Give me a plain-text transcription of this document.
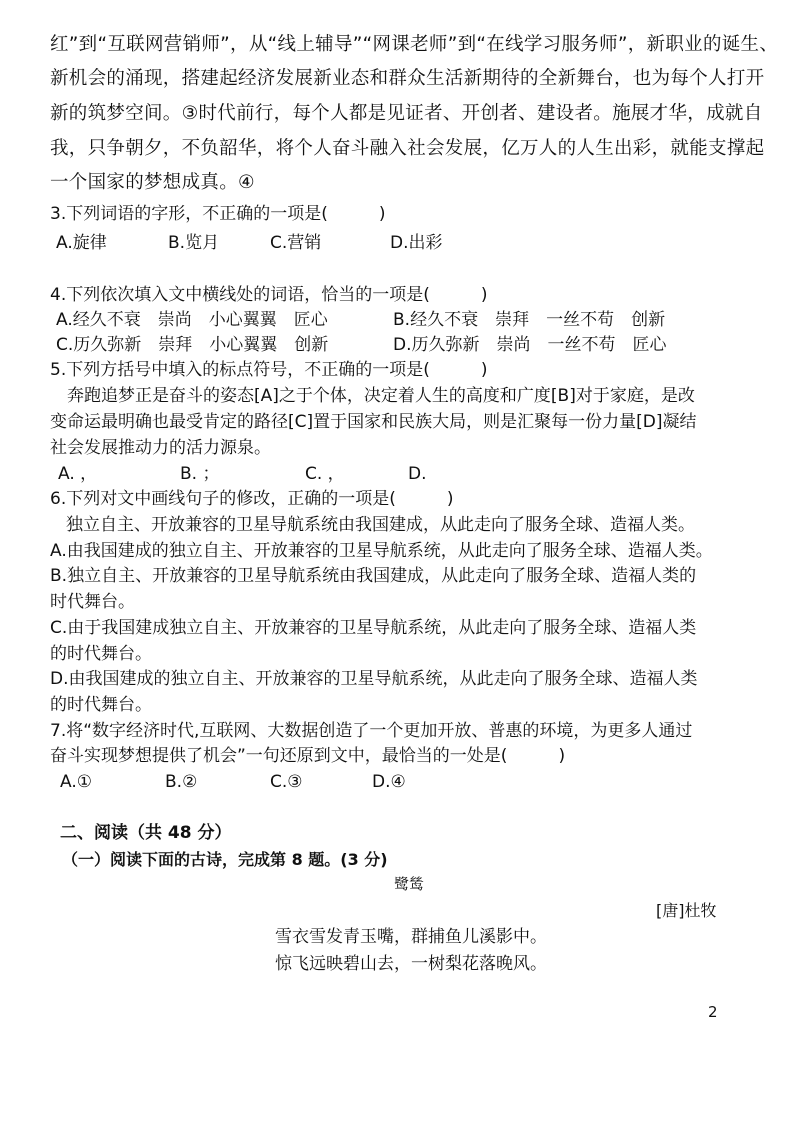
红”到“互联网营销师”，从“线上辅导”“网课老师”到“在线学习服务师”，新职业的诞生、
新机会的涌现，搭建起经济发展新业态和群众生活新期待的全新舞台，也为每个人打开
新的筑梦空间。③时代前行，每个人都是见证者、开创者、建设者。施展才华，成就自
我，只争朝夕，不负韶华，将个人奋斗融入社会发展，亿万人的人生出彩，就能支撑起
一个国家的梦想成真。④
3.下列词语的字形，不正确的一项是(　　　)
A.旋律	B.览月	C.营销	D.出彩
4.下列依次填入文中横线处的词语，恰当的一项是(　　　)
A.经久不衰　崇尚　小心翼翼　匠心	B.经久不衰　崇拜　一丝不苟　创新
C.历久弥新　崇拜　小心翼翼　创新	D.历久弥新　崇尚　一丝不苟　匠心
5.下列方括号中填入的标点符号，不正确的一项是(　　　)
奔跑追梦正是奋斗的姿态[A]之于个体，决定着人生的高度和广度[B]对于家庭，是改
变命运最明确也最受肯定的路径[C]置于国家和民族大局，则是汇聚每一份力量[D]凝结
社会发展推动力的活力源泉。
A. ，	B. ；	C. ，	D.
6.下列对文中画线句子的修改，正确的一项是(　　　)
独立自主、开放兼容的卫星导航系统由我国建成，从此走向了服务全球、造福人类。
A.由我国建成的独立自主、开放兼容的卫星导航系统，从此走向了服务全球、造福人类。
B.独立自主、开放兼容的卫星导航系统由我国建成，从此走向了服务全球、造福人类的
时代舞台。
C.由于我国建成独立自主、开放兼容的卫星导航系统，从此走向了服务全球、造福人类
的时代舞台。
D.由我国建成的独立自主、开放兼容的卫星导航系统，从此走向了服务全球、造福人类
的时代舞台。
7.将“数字经济时代,互联网、大数据创造了一个更加开放、普惠的环境，为更多人通过
奋斗实现梦想提供了机会”一句还原到文中，最恰当的一处是(　　　)
A.①	B.②	C.③	D.④
二、阅读（共 48 分）
（一）阅读下面的古诗，完成第 8 题。(3 分)
鹭鸶
[唐]杜牧
雪衣雪发青玉嘴，群捕鱼儿溪影中。
惊飞远映碧山去，一树梨花落晚风。
2
